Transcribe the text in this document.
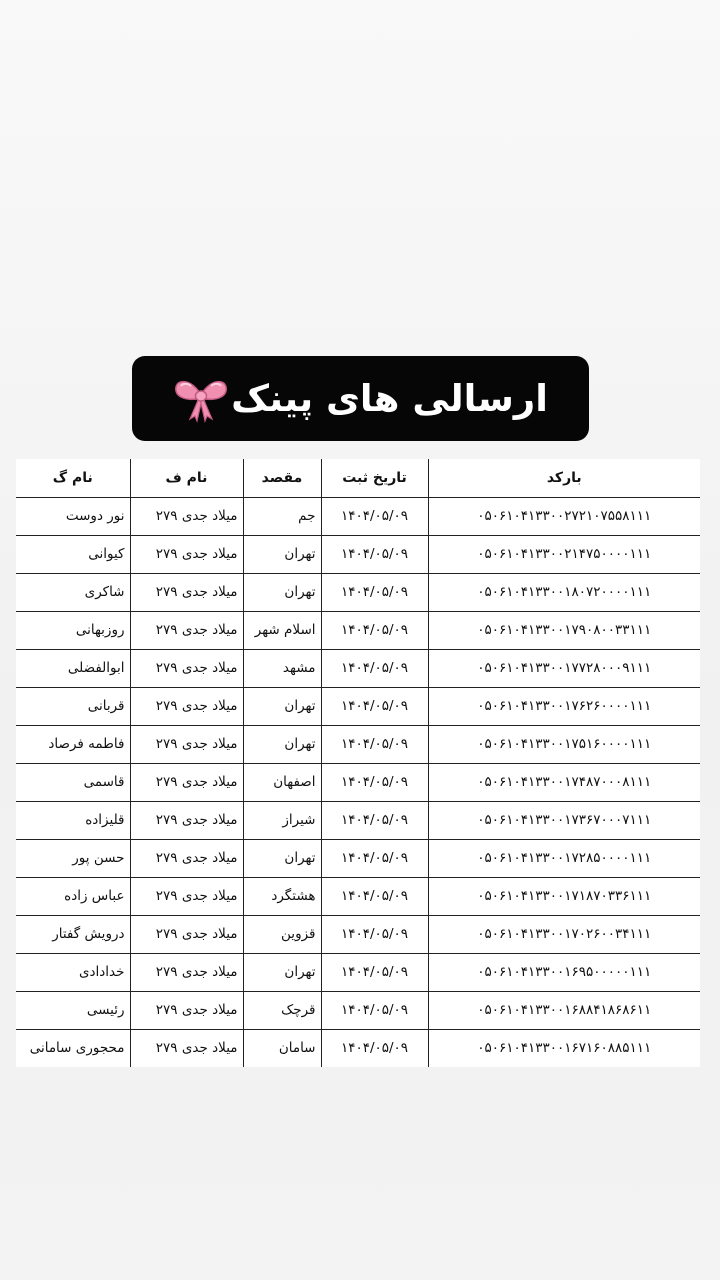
ارسالی های پینک
بارکد	تاریخ ثبت	مقصد	نام ف	نام گ
۰۵۰۶۱۰۴۱۳۳۰۰۲۷۲۱۰۷۵۵۸۱۱۱	۱۴۰۴/۰۵/۰۹	جم	میلاد جدی ۲۷۹	نور دوست
۰۵۰۶۱۰۴۱۳۳۰۰۲۱۴۷۵۰۰۰۰۱۱۱	۱۴۰۴/۰۵/۰۹	تهران	میلاد جدی ۲۷۹	کیوانی
۰۵۰۶۱۰۴۱۳۳۰۰۱۸۰۷۲۰۰۰۰۱۱۱	۱۴۰۴/۰۵/۰۹	تهران	میلاد جدی ۲۷۹	شاکری
۰۵۰۶۱۰۴۱۳۳۰۰۱۷۹۰۸۰۰۳۳۱۱۱	۱۴۰۴/۰۵/۰۹	اسلام شهر	میلاد جدی ۲۷۹	روزبهانی
۰۵۰۶۱۰۴۱۳۳۰۰۱۷۷۲۸۰۰۰۹۱۱۱	۱۴۰۴/۰۵/۰۹	مشهد	میلاد جدی ۲۷۹	ابوالفضلی
۰۵۰۶۱۰۴۱۳۳۰۰۱۷۶۲۶۰۰۰۰۱۱۱	۱۴۰۴/۰۵/۰۹	تهران	میلاد جدی ۲۷۹	قربانی
۰۵۰۶۱۰۴۱۳۳۰۰۱۷۵۱۶۰۰۰۰۱۱۱	۱۴۰۴/۰۵/۰۹	تهران	میلاد جدی ۲۷۹	فاطمه فرصاد
۰۵۰۶۱۰۴۱۳۳۰۰۱۷۴۸۷۰۰۰۸۱۱۱	۱۴۰۴/۰۵/۰۹	اصفهان	میلاد جدی ۲۷۹	قاسمی
۰۵۰۶۱۰۴۱۳۳۰۰۱۷۳۶۷۰۰۰۷۱۱۱	۱۴۰۴/۰۵/۰۹	شیراز	میلاد جدی ۲۷۹	قلیزاده
۰۵۰۶۱۰۴۱۳۳۰۰۱۷۲۸۵۰۰۰۰۱۱۱	۱۴۰۴/۰۵/۰۹	تهران	میلاد جدی ۲۷۹	حسن پور
۰۵۰۶۱۰۴۱۳۳۰۰۱۷۱۸۷۰۳۳۶۱۱۱	۱۴۰۴/۰۵/۰۹	هشتگرد	میلاد جدی ۲۷۹	عباس زاده
۰۵۰۶۱۰۴۱۳۳۰۰۱۷۰۲۶۰۰۳۴۱۱۱	۱۴۰۴/۰۵/۰۹	قزوین	میلاد جدی ۲۷۹	درویش گفتار
۰۵۰۶۱۰۴۱۳۳۰۰۱۶۹۵۰۰۰۰۰۱۱۱	۱۴۰۴/۰۵/۰۹	تهران	میلاد جدی ۲۷۹	خدادادی
۰۵۰۶۱۰۴۱۳۳۰۰۱۶۸۸۴۱۸۶۸۶۱۱	۱۴۰۴/۰۵/۰۹	قرچک	میلاد جدی ۲۷۹	رئیسی
۰۵۰۶۱۰۴۱۳۳۰۰۱۶۷۱۶۰۸۸۵۱۱۱	۱۴۰۴/۰۵/۰۹	سامان	میلاد جدی ۲۷۹	محجوری سامانی
